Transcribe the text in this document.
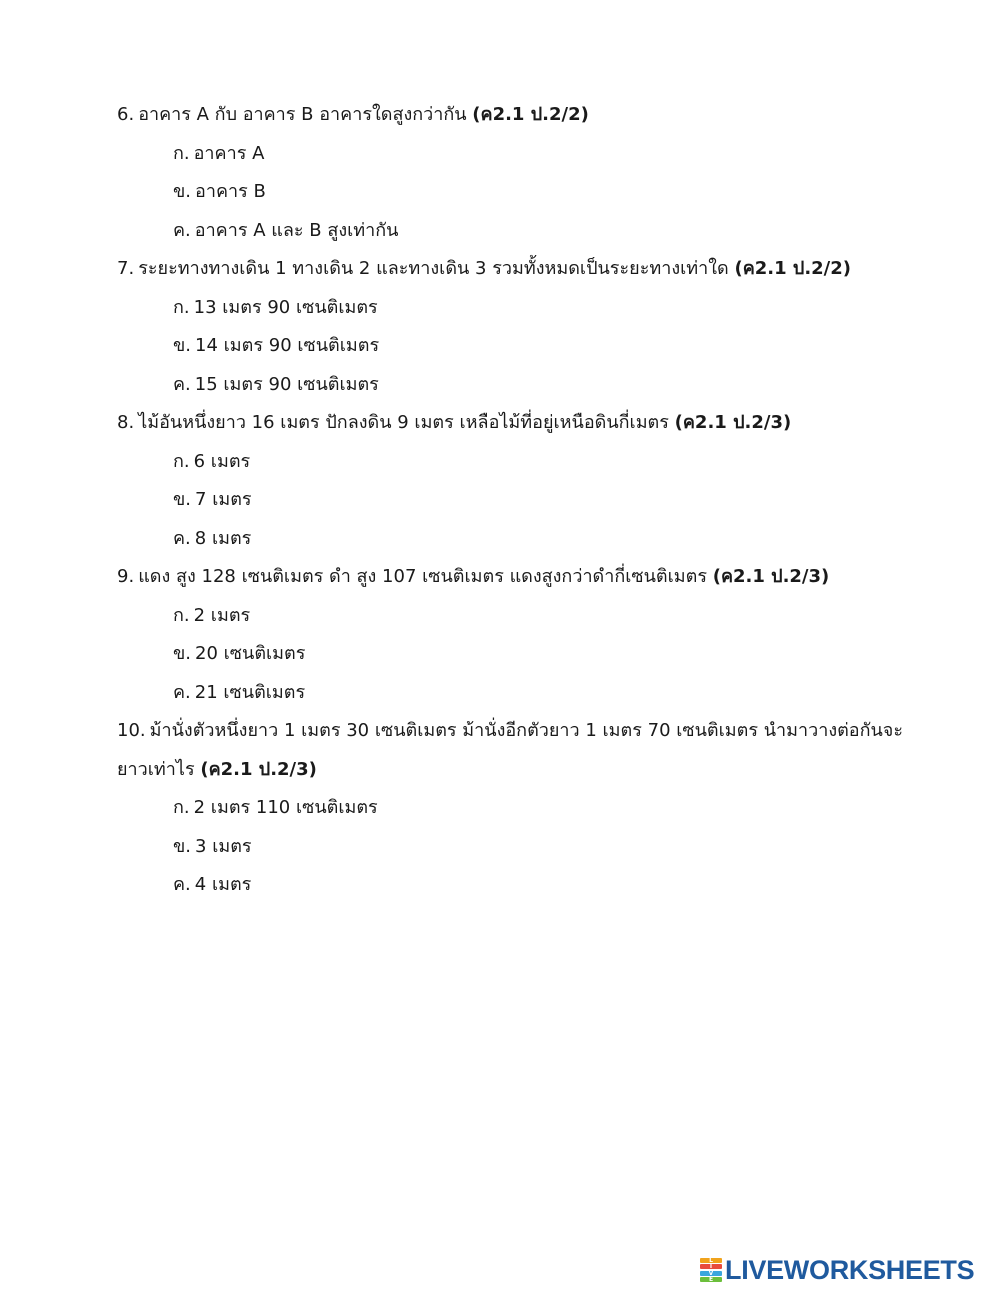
6. อาคาร A กับ อาคาร B อาคารใดสูงกว่ากัน (ค2.1 ป.2/2)

ก. อาคาร A
ข. อาคาร B
ค. อาคาร A และ B สูงเท่ากัน

7. ระยะทางทางเดิน 1 ทางเดิน 2 และทางเดิน 3 รวมทั้งหมดเป็นระยะทางเท่าใด (ค2.1 ป.2/2)

ก. 13 เมตร 90 เซนติเมตร
ข. 14 เมตร 90 เซนติเมตร
ค. 15 เมตร 90 เซนติเมตร

8. ไม้อันหนึ่งยาว 16 เมตร ปักลงดิน 9 เมตร เหลือไม้ที่อยู่เหนือดินกี่เมตร (ค2.1 ป.2/3)

ก. 6 เมตร
ข. 7 เมตร
ค. 8 เมตร

9. แดง สูง 128 เซนติเมตร ดำ สูง 107 เซนติเมตร แดงสูงกว่าดำกี่เซนติเมตร (ค2.1 ป.2/3)

ก. 2 เมตร
ข. 20 เซนติเมตร
ค. 21 เซนติเมตร

10. ม้านั่งตัวหนึ่งยาว 1 เมตร 30 เซนติเมตร ม้านั่งอีกตัวยาว 1 เมตร 70 เซนติเมตร นำมาวางต่อกันจะ

ยาวเท่าไร (ค2.1 ป.2/3)

ก. 2 เมตร 110 เซนติเมตร
ข. 3 เมตร
ค. 4 เมตร
L
I
V
E LIVEWORKSHEETS
